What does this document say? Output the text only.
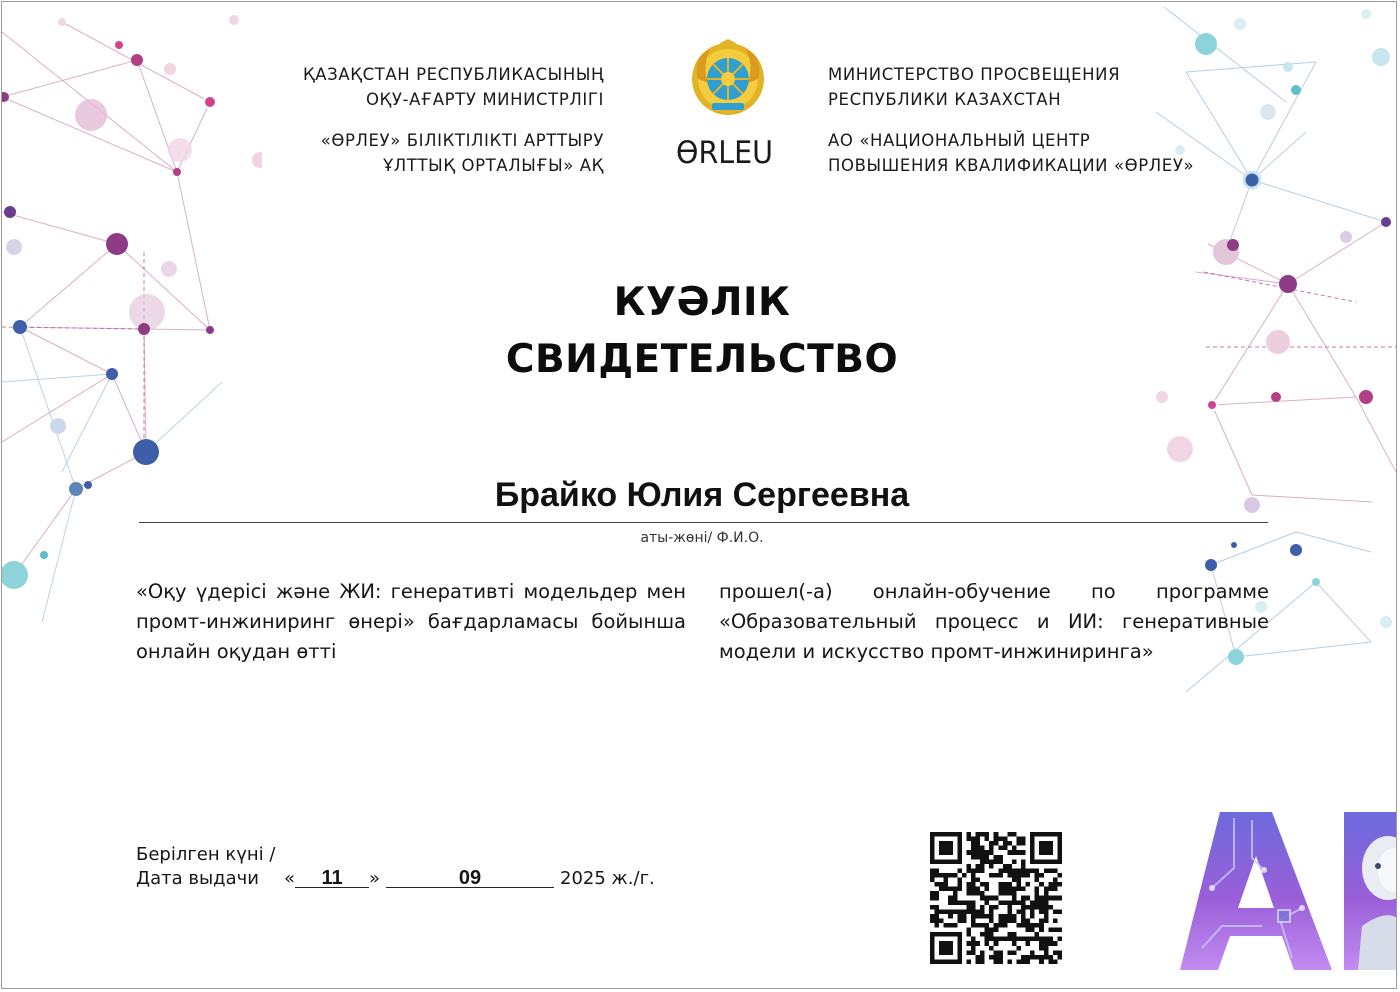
ҚАЗАҚСТАН РЕСПУБЛИКАСЫНЫҢ
ОҚУ-АҒАРТУ МИНИСТРЛІГІ
«ӨРЛЕУ» БІЛІКТІЛІКТІ АРТТЫРУ
ҰЛТТЫҚ ОРТАЛЫҒЫ» АҚ ӨRLEU
МИНИСТЕРСТВО ПРОСВЕЩЕНИЯ
РЕСПУБЛИКИ КАЗАХСТАН
АО «НАЦИОНАЛЬНЫЙ ЦЕНТР
ПОВЫШЕНИЯ КВАЛИФИКАЦИИ «ӨРЛЕУ»
КУӘЛІК
СВИДЕТЕЛЬСТВО
Брайко Юлия Сергеевна
аты-жөні/ Ф.И.О.
«Оқу үдерісі және ЖИ: генеративті модельдер мен промт-инжиниринг өнері» бағдарламасы бойынша онлайн оқудан өтті
прошел(-а) онлайн-обучение по программе «Образовательный процесс и ИИ: генеративные модели и искусство промт-инжиниринга»
Берілген күні /
Дата выдачи « 11 »	09	2025 ж./г.
